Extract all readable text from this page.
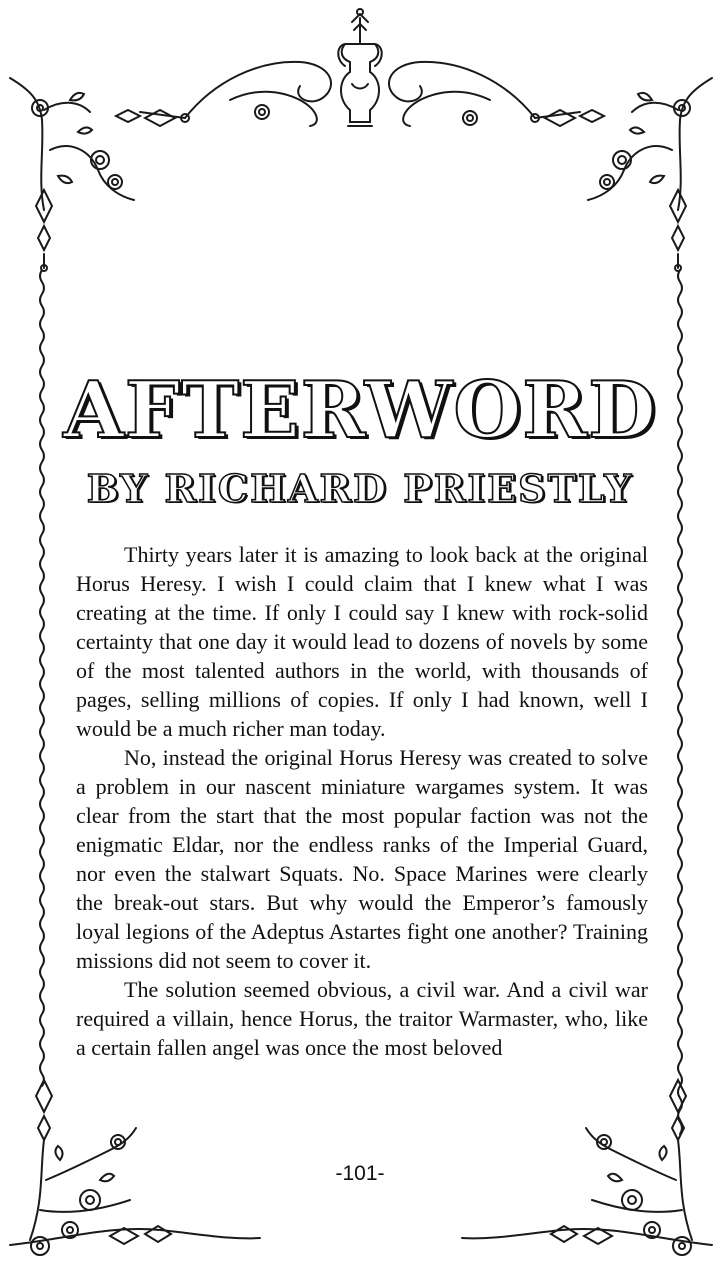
AFTERWORD
BY RICHARD PRIESTLY

Thirty years later it is amazing to look back at the original Horus Heresy. I wish I could claim that I knew what I was creating at the time. If only I could say I knew with rock-solid certainty that one day it would lead to dozens of novels by some of the most talented authors in the world, with thousands of pages, selling millions of copies. If only I had known, well I would be a much richer man today.

No, instead the original Horus Heresy was created to solve a problem in our nascent miniature wargames system. It was clear from the start that the most popular faction was not the enigmatic Eldar, nor the endless ranks of the Imperial Guard, nor even the stalwart Squats. No. Space Marines were clearly the break-out stars. But why would the Emperor’s famously loyal legions of the Adeptus Astartes fight one another? Training missions did not seem to cover it.

The solution seemed obvious, a civil war. And a civil war required a villain, hence Horus, the traitor Warmaster, who, like a certain fallen angel was once the most beloved

-101-
